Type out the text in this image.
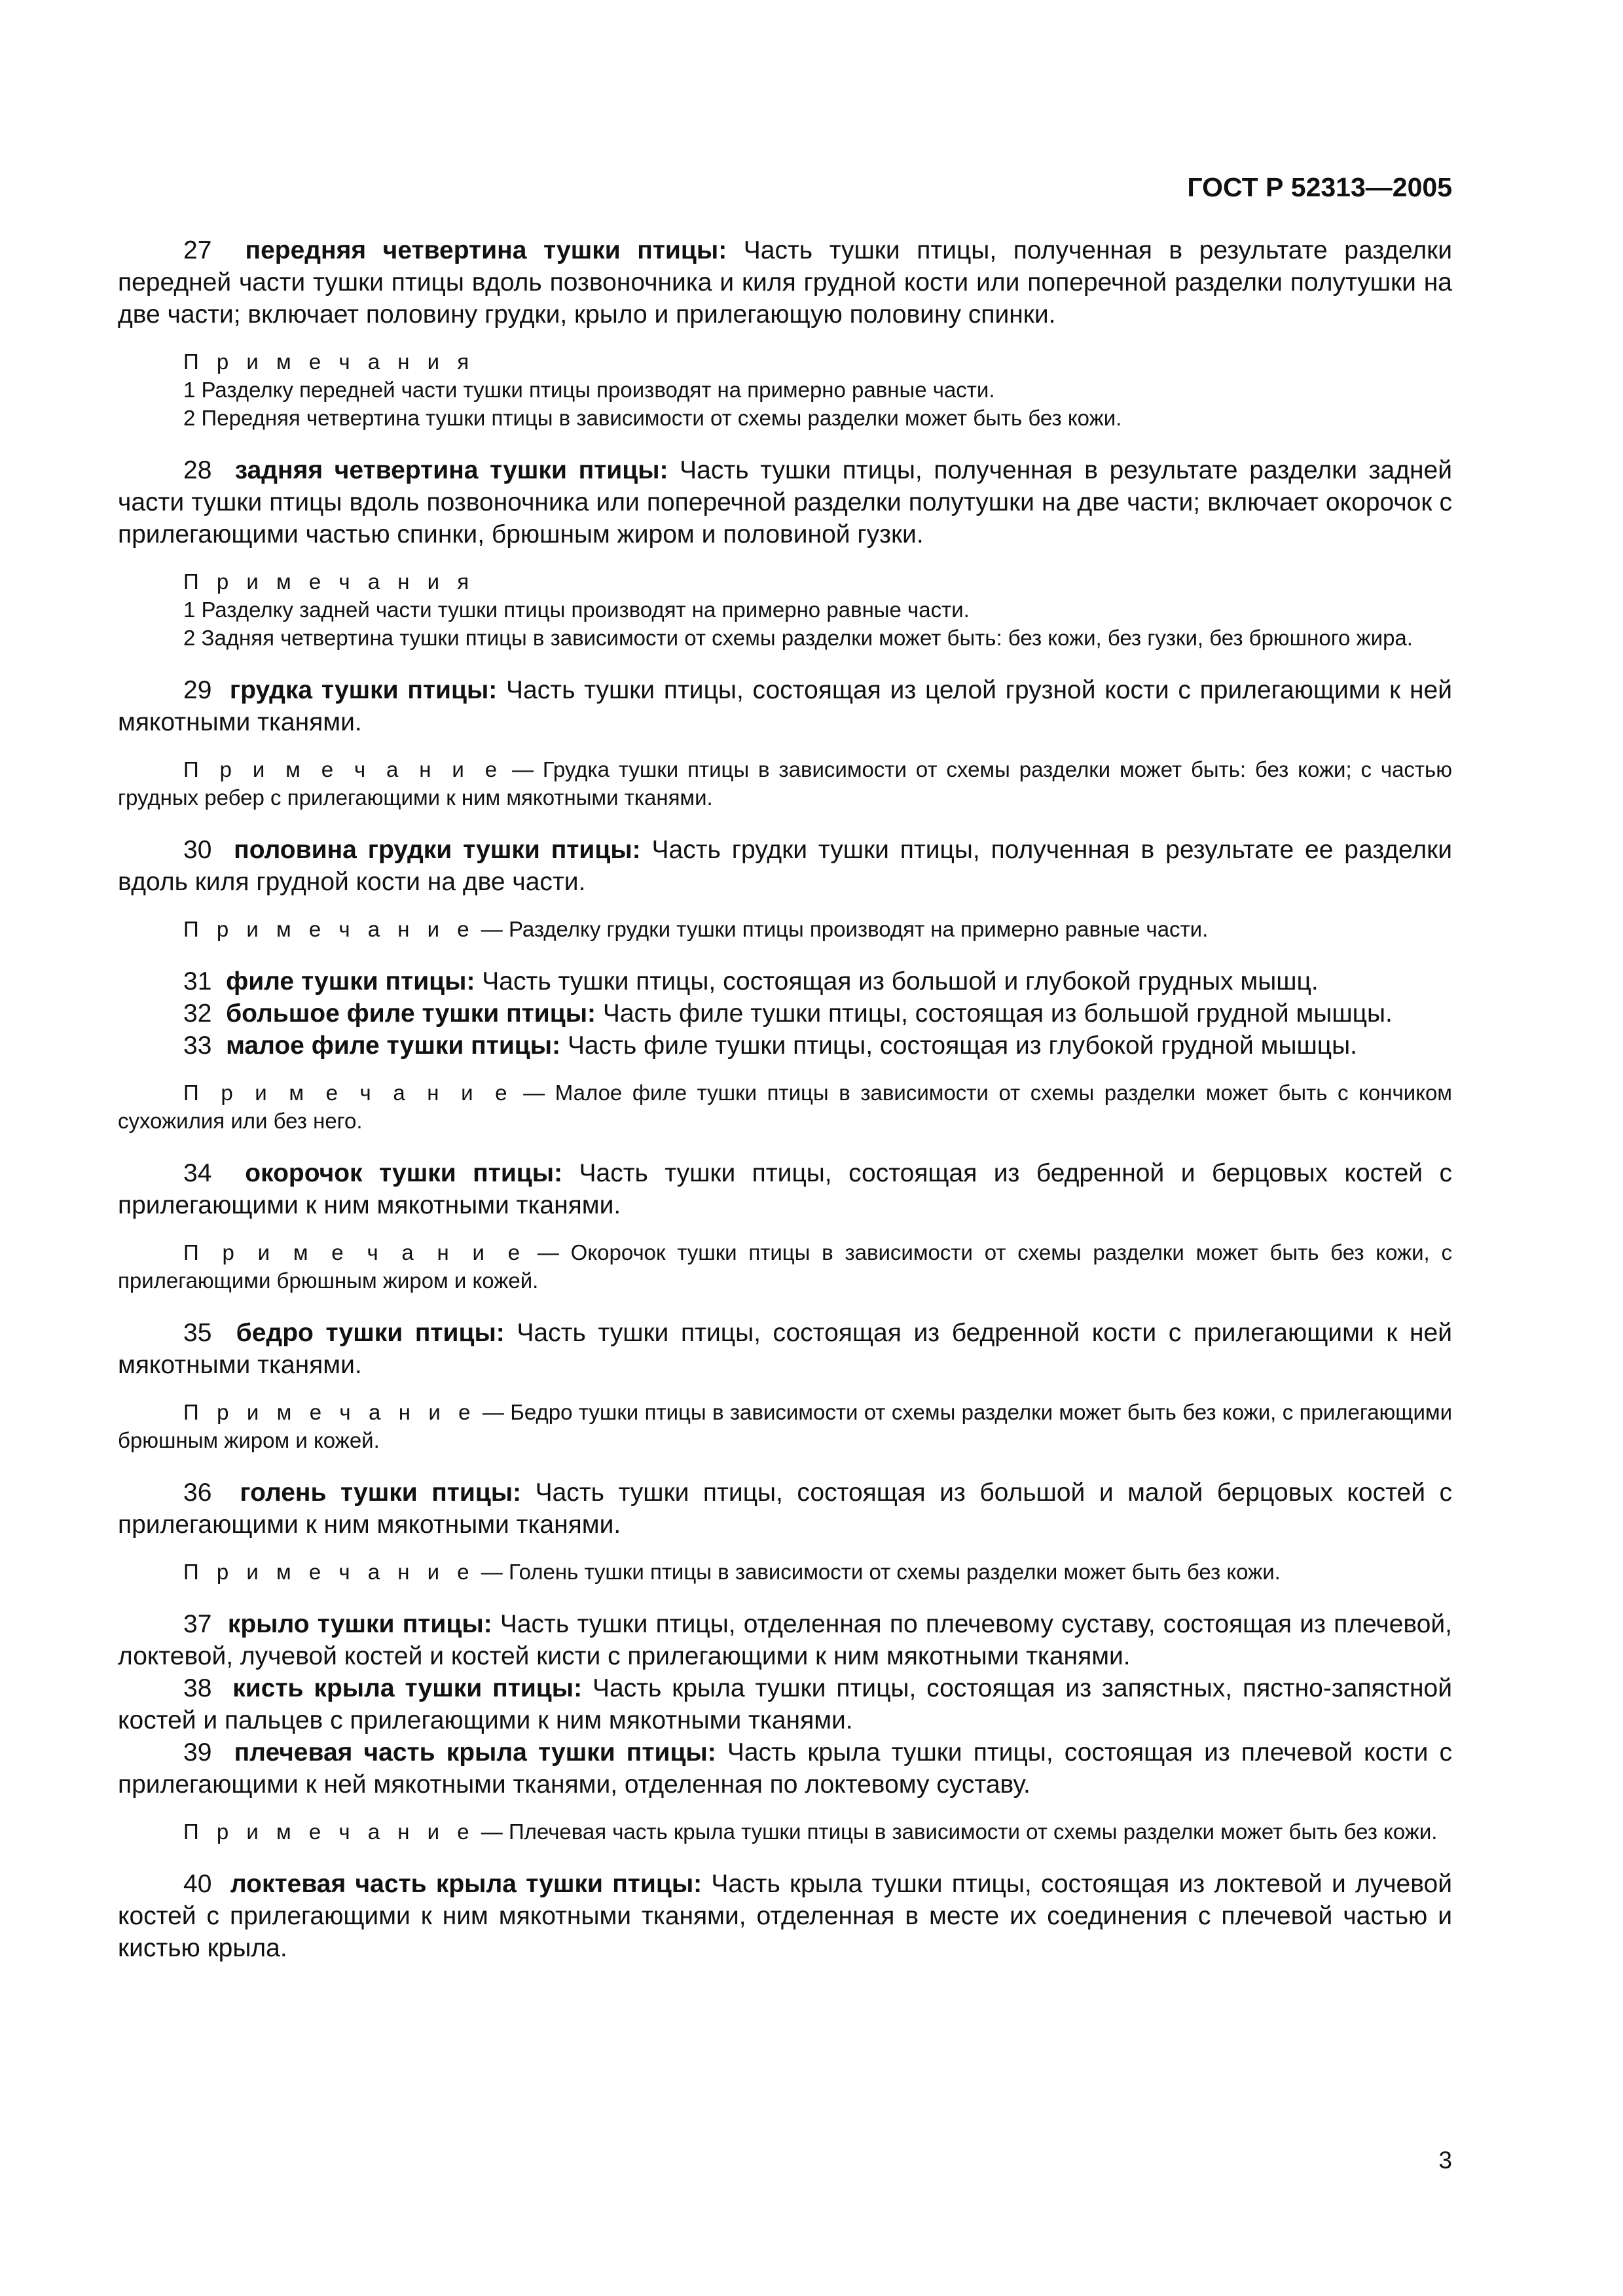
ГОСТ Р 52313—2005

27 передняя четвертина тушки птицы: Часть тушки птицы, полученная в результате разделки передней части тушки птицы вдоль позвоночника и киля грудной кости или поперечной разделки полутушки на две части; включает половину грудки, крыло и прилегающую половину спинки.

П р и м е ч а н и я

1 Разделку передней части тушки птицы производят на примерно равные части.

2 Передняя четвертина тушки птицы в зависимости от схемы разделки может быть без кожи.

28 задняя четвертина тушки птицы: Часть тушки птицы, полученная в результате разделки задней части тушки птицы вдоль позвоночника или поперечной разделки полутушки на две части; включает окорочок с прилегающими частью спинки, брюшным жиром и половиной гузки.

П р и м е ч а н и я

1 Разделку задней части тушки птицы производят на примерно равные части.

2 Задняя четвертина тушки птицы в зависимости от схемы разделки может быть: без кожи, без гузки, без брюшного жира.

29 грудка тушки птицы: Часть тушки птицы, состоящая из целой грузной кости с прилегающими к ней мякотными тканями.

П р и м е ч а н и е — Грудка тушки птицы в зависимости от схемы разделки может быть: без кожи; с частью грудных ребер с прилегающими к ним мякотными тканями.

30 половина грудки тушки птицы: Часть грудки тушки птицы, полученная в результате ее разделки вдоль киля грудной кости на две части.

П р и м е ч а н и е — Разделку грудки тушки птицы производят на примерно равные части.

31 филе тушки птицы: Часть тушки птицы, состоящая из большой и глубокой грудных мышц.

32 большое филе тушки птицы: Часть филе тушки птицы, состоящая из большой грудной мышцы.

33 малое филе тушки птицы: Часть филе тушки птицы, состоящая из глубокой грудной мышцы.

П р и м е ч а н и е — Малое филе тушки птицы в зависимости от схемы разделки может быть с кончиком сухожилия или без него.

34 окорочок тушки птицы: Часть тушки птицы, состоящая из бедренной и берцовых костей с прилегающими к ним мякотными тканями.

П р и м е ч а н и е — Окорочок тушки птицы в зависимости от схемы разделки может быть без кожи, с прилегающими брюшным жиром и кожей.

35 бедро тушки птицы: Часть тушки птицы, состоящая из бедренной кости с прилегающими к ней мякотными тканями.

П р и м е ч а н и е — Бедро тушки птицы в зависимости от схемы разделки может быть без кожи, с прилегающими брюшным жиром и кожей.

36 голень тушки птицы: Часть тушки птицы, состоящая из большой и малой берцовых костей с прилегающими к ним мякотными тканями.

П р и м е ч а н и е — Голень тушки птицы в зависимости от схемы разделки может быть без кожи.

37 крыло тушки птицы: Часть тушки птицы, отделенная по плечевому суставу, состоящая из плечевой, локтевой, лучевой костей и костей кисти с прилегающими к ним мякотными тканями.

38 кисть крыла тушки птицы: Часть крыла тушки птицы, состоящая из запястных, пястно-запястной костей и пальцев с прилегающими к ним мякотными тканями.

39 плечевая часть крыла тушки птицы: Часть крыла тушки птицы, состоящая из плечевой кости с прилегающими к ней мякотными тканями, отделенная по локтевому суставу.

П р и м е ч а н и е — Плечевая часть крыла тушки птицы в зависимости от схемы разделки может быть без кожи.

40 локтевая часть крыла тушки птицы: Часть крыла тушки птицы, состоящая из локтевой и лучевой костей с прилегающими к ним мякотными тканями, отделенная в месте их соединения с плечевой частью и кистью крыла.

3
